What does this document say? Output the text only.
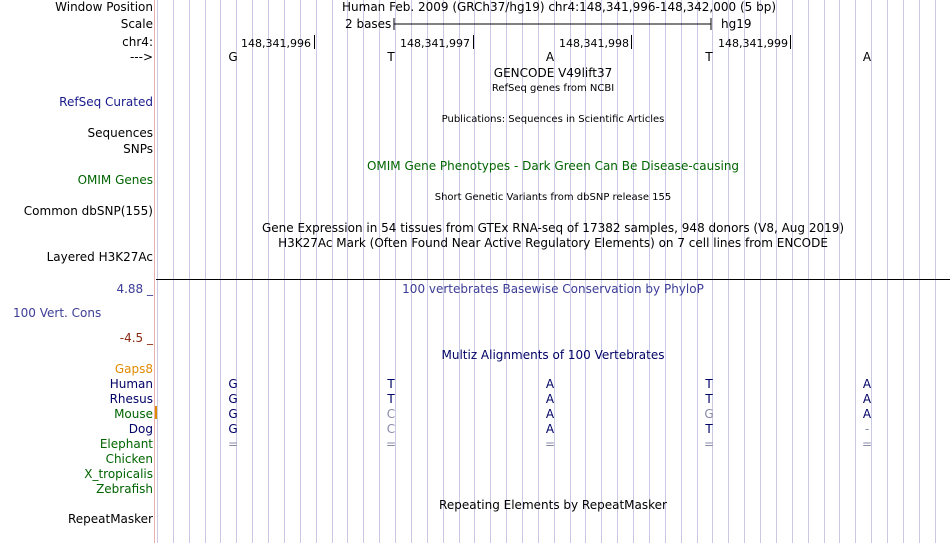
Window Position	Human Feb. 2009 (GRCh37/hg19) chr4:148,341,996-148,342,000 (5 bp)
Scale	2 bases	hg19
chr4:	148,341,996	148,341,997	148,341,998	148,341,999
--->	G	T	A	T	A
GENCODE V49lift37
RefSeq genes from NCBI
RefSeq Curated
Publications: Sequences in Scientific Articles
Sequences
SNPs
OMIM Gene Phenotypes - Dark Green Can Be Disease-causing
OMIM Genes
Short Genetic Variants from dbSNP release 155
Common dbSNP(155)
Gene Expression in 54 tissues from GTEx RNA-seq of 17382 samples, 948 donors (V8, Aug 2019)
H3K27Ac Mark (Often Found Near Active Regulatory Elements) on 7 cell lines from ENCODE
Layered H3K27Ac
4.88 _	100 vertebrates Basewise Conservation by PhyloP
100 Vert. Cons
-4.5 _
Multiz Alignments of 100 Vertebrates
Gaps8
Human	G	T	A	T	A
Rhesus	G	T	A	T	A
Mouse	G	C	A	G	A
Dog	G	C	A	T	-
Elephant	=	=	=	=	=
Chicken
X_tropicalis
Zebrafish
Repeating Elements by RepeatMasker
RepeatMasker
